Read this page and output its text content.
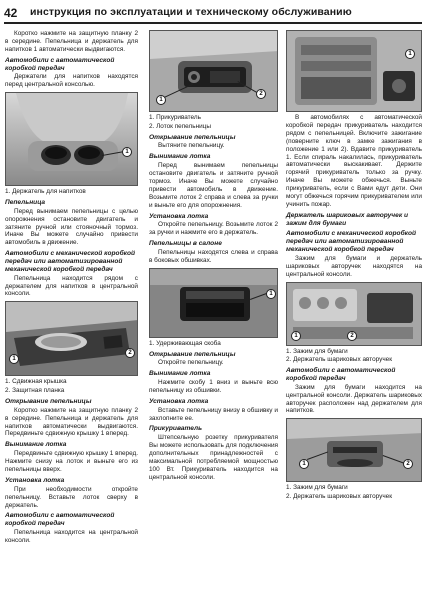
42 инструкция по эксплуатации и техническому обслуживанию

Коротко нажмите на защитную планку 2 в середине. Пепельница и держатель для напитков 1 автоматически выдвигаются.

Автомобили с автоматической коробкой передач

Держатели для напитков находятся перед центральной консолью.

1

1. Держатель для напитков

Пепельница

Перед вынимаем пепельницы с целью опорожнения остановите двигатель и затяните ручной или стояночный тормоз. Иначе Вы можете случайно привести автомобиль в движение.

Автомобили с механической коробкой передач или автоматизированной механической коробкой передач

Пепельница находится рядом с держателем для напитков в центральной консоли.

1
2

1. Сдвижная крышка

2. Защитная планка

Открывание пепельницы

Коротко нажмите на защитную планку 2 в середине. Пепельница и держатель для напитков автоматически выдвигаются. Передвиньте сдвижную крышку 1 вперед.

Вынимание лотка

Передвиньте сдвижную крышку 1 вперед. Нажмите снизу на лоток и выньте его из пепельницы вверх.

Установка лотка

При необходимости откройте пепельницу. Вставьте лоток сверху в держатель.

Автомобили с автоматической коробкой передач

Пепельница находится на центральной консоли.

1
2

1. Прикуриватель

2. Лоток пепельницы

Открывание пепельницы

Вытяните пепельницу.

Вынимание лотка

Перед вынимаем пепельницы остановите двигатель и затяните ручной тормоз. Иначе Вы можете случайно привести автомобиль в движение. Возьмите лоток 2 справа и слева за ручки и выньте его для опорожнения.

Установка лотка

Откройте пепельницу. Возьмите лоток 2 за ручки и нажмите его в держатель.

Пепельницы в салоне

Пепельницы находятся слева и справа в боковых обшивках.

1

1. Удерживающая скоба

Открывание пепельницы

Откройте пепельницу.

Вынимание лотка

Нажмите скобу 1 вниз и выньте всю пепельницу из обшивки.

Установка лотка

Вставьте пепельницу внизу в обшивку и захлопните ее.

Прикуриватель

Штепсельную розетку прикуривателя Вы можете использовать для подключения дополнительных принадлежностей с максимальной потребляемой мощностью 100 Вт. Прикуриватель находится на центральной консоли.

1

В автомобилях с автоматической коробкой передач прикуриватель находится рядом с пепельницей. Включите зажигание (поверните ключ в замке зажигания в положение 1 или 2). Вдавите прикуриватель 1. Если спираль накалилась, прикуриватель автоматически выскакивает. Держите горячий прикуриватель только за ручку. Иначе Вы можете обжечься. Выньте прикуриватель, если с Вами едут дети. Они могут обжечься горячим прикуривателем или учинить пожар.

Держатель шариковых авторучек и зажим для бумаги
Автомобили с механической коробкой передач или автоматизированной механической коробкой передач

Зажим для бумаги и держатель шариковых авторучек находятся на центральной консоли.

1	2

1. Зажим для бумаги

2. Держатель шариковых авторучек

Автомобили с автоматической коробкой передач

Зажим для бумаги находится на центральной консоли. Держатель шариковых авторучек расположен над держателем для напитков.

1	2

1. Зажим для бумаги

2. Держатель шариковых авторучек
